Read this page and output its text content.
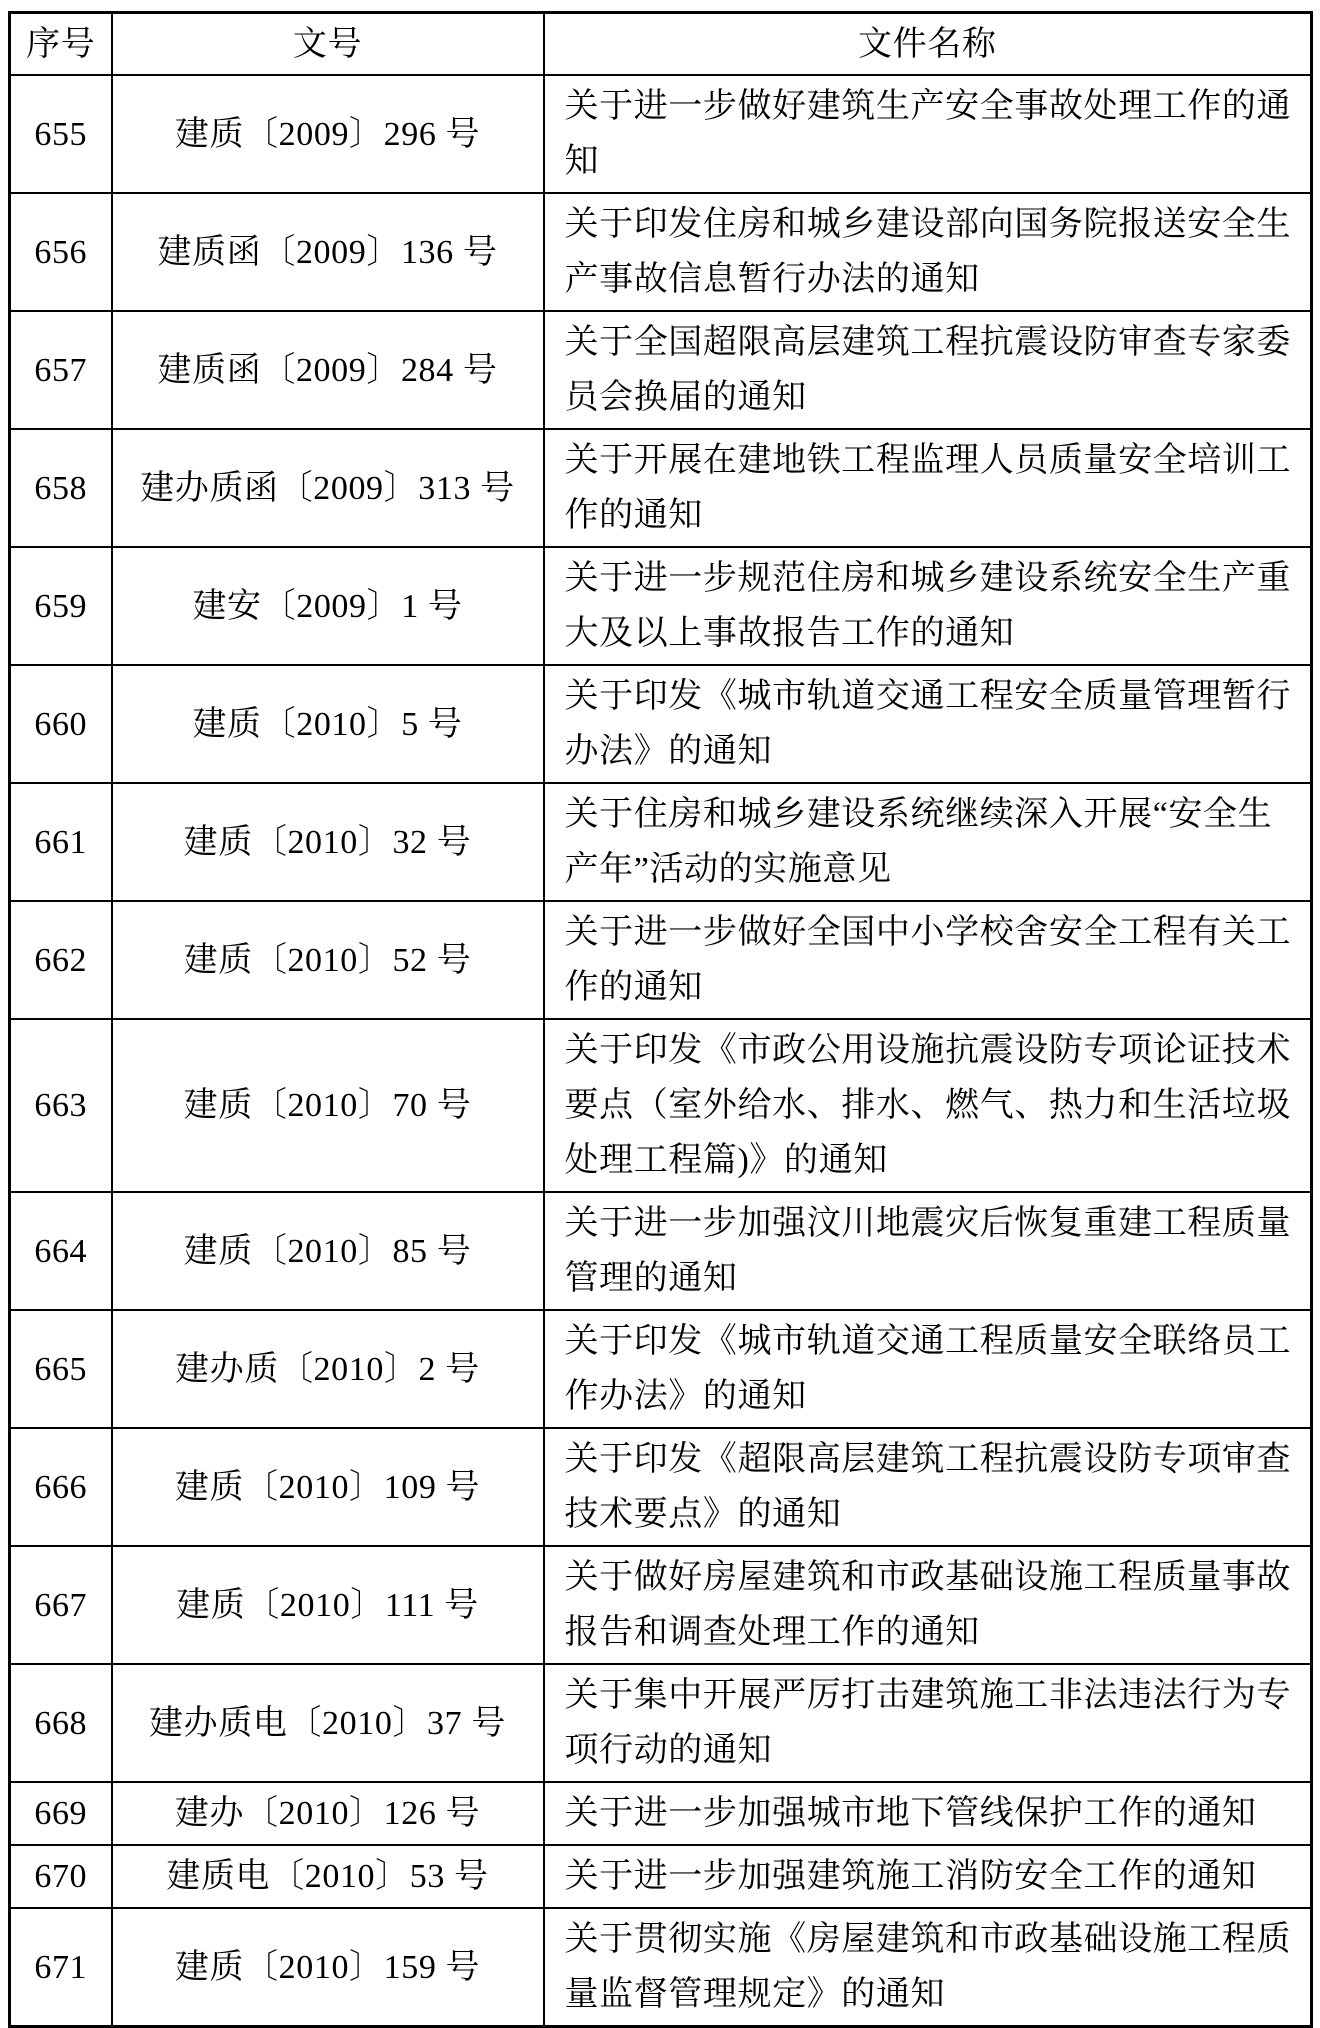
序号	文号	文件名称
655	建质〔2009〕296 号	关于进一步做好建筑生产安全事故处理工作的通知
656	建质函〔2009〕136 号	关于印发住房和城乡建设部向国务院报送安全生产事故信息暂行办法的通知
657	建质函〔2009〕284 号	关于全国超限高层建筑工程抗震设防审查专家委员会换届的通知
658	建办质函〔2009〕313 号	关于开展在建地铁工程监理人员质量安全培训工作的通知
659	建安〔2009〕1 号	关于进一步规范住房和城乡建设系统安全生产重大及以上事故报告工作的通知
660	建质〔2010〕5 号	关于印发《城市轨道交通工程安全质量管理暂行办法》的通知
661	建质〔2010〕32 号	关于住房和城乡建设系统继续深入开展“安全生产年”活动的实施意见
662	建质〔2010〕52 号	关于进一步做好全国中小学校舍安全工程有关工作的通知
663	建质〔2010〕70 号	关于印发《市政公用设施抗震设防专项论证技术要点（室外给水、排水、燃气、热力和生活垃圾处理工程篇)》的通知
664	建质〔2010〕85 号	关于进一步加强汶川地震灾后恢复重建工程质量管理的通知
665	建办质〔2010〕2 号	关于印发《城市轨道交通工程质量安全联络员工作办法》的通知
666	建质〔2010〕109 号	关于印发《超限高层建筑工程抗震设防专项审查技术要点》的通知
667	建质〔2010〕111 号	关于做好房屋建筑和市政基础设施工程质量事故报告和调查处理工作的通知
668	建办质电〔2010〕37 号	关于集中开展严厉打击建筑施工非法违法行为专项行动的通知
669	建办〔2010〕126 号	关于进一步加强城市地下管线保护工作的通知
670	建质电〔2010〕53 号	关于进一步加强建筑施工消防安全工作的通知
671	建质〔2010〕159 号	关于贯彻实施《房屋建筑和市政基础设施工程质量监督管理规定》的通知
